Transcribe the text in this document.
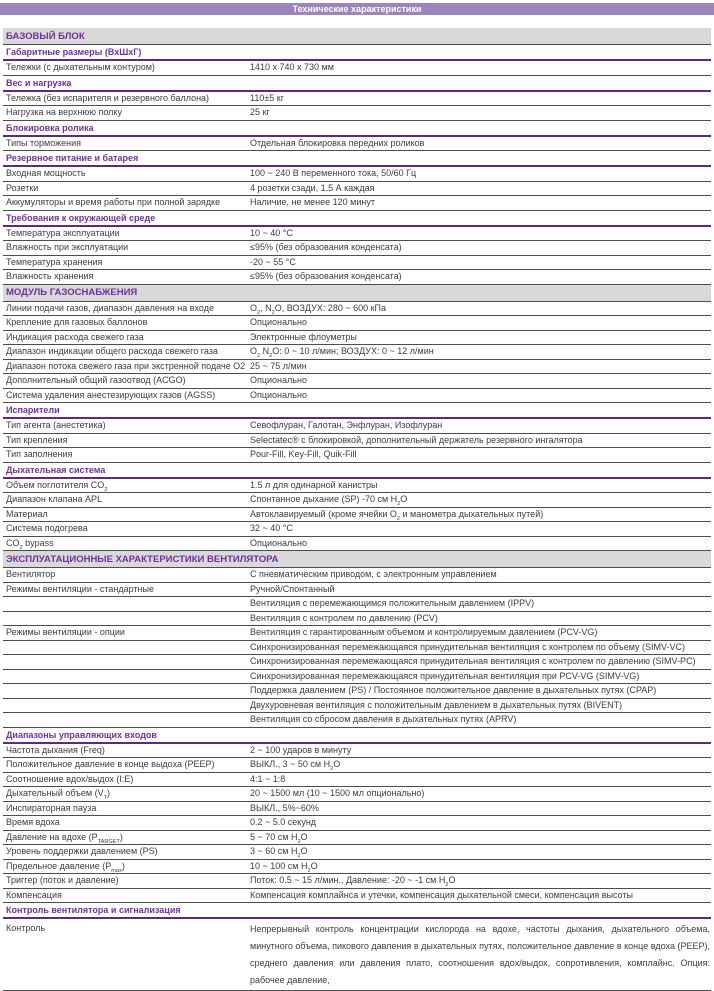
Технические характеристики
БАЗОВЫЙ БЛОК
Габаритные размеры (ВхШхГ)
Тележки (с дыхательным контуром)	1410 x 740 x 730 мм
Вес и нагрузка
Тележка (без испарителя и резервного баллона)	110±5 кг
Нагрузка на верхнюю полку	25 кг
Блокировка ролика
Типы торможения	Отдельная блокировка передних роликов
Резервное питание и батарея
Входная мощность	100 ~ 240 В переменного тока, 50/60 Гц
Розетки	4 розетки сзади, 1.5 А каждая
Аккумуляторы и время работы при полной зарядке	Наличие, не менее 120 минут
Требования к окружающей среде
Температура эксплуатации	10 ~ 40 °C
Влажность при эксплуатации	≤95% (без образования конденсата)
Температура хранения	-20 ~ 55 °C
Влажность хранения	≤95% (без образования конденсата)
МОДУЛЬ ГАЗОСНАБЖЕНИЯ
Линии подачи газов, диапазон давления на входе	$O_2$, $N_2O$, ВОЗДУХ: 280 ~ 600 кПа
Крепление для газовых баллонов	Опционально
Индикация расхода свежего газа	Электронные флоуметры
Диапазон индикации общего расхода свежего газа	$O_2$ $N_2O$: 0 ~ 10 л/мин; ВОЗДУХ: 0 ~ 12 л/мин
Диапазон потока свежего газа при экстренной подаче O2 25 ~ 75 л/мин
Дополнительный общий газоотвод (ACGO)	Опционально
Система удаления анестезирующих газов (AGSS)	Опционально
Испарители
Тип агента (анестетика)	Севофлуран, Галотан, Энфлуран, Изофлуран
Тип крепления	Selectatec® с блокировкой, дополнительный держатель резервного ингалятора
Тип заполнения	Pour-Fill, Key-Fill, Quik-Fill
Дыхательная система
Объем поглотителя $CO_2$	1.5 л для одинарной канистры
Диапазон клапана APL	Спонтанное дыхание (SP) -70 см $H_2O$
Материал	Автоклавируемый (кроме ячейки $O_2$ и манометра дыхательных путей)
Система подогрева	32 ~ 40 °C
$CO_2$ bypass	Опционально
ЭКСПЛУАТАЦИОННЫЕ ХАРАКТЕРИСТИКИ ВЕНТИЛЯТОРА
Вентилятор	С пневматическим приводом, с электронным управлением
Режимы вентиляции - стандартные	Ручной/Спонтанный
Вентиляция с перемежающимся положительным давлением (IPPV)
Вентиляция с контролем по давлению (PCV)
Режимы вентиляции - опции	Вентиляция с гарантированным объемом и контролируемым давлением (PCV-VG)
Синхронизированная перемежающаяся принудительная вентиляция с контролем по объему (SIMV-VC)
Синхронизированная перемежающаяся принудительная вентиляция с контролем по давлению (SIMV-PC)
Синхронизированная перемежающаяся принудительная вентиляция при PCV-VG (SIMV-VG)
Поддержка давлением (PS) / Постоянное положительное давление в дыхательных путях (CPAP)
Двухуровневая вентиляция с положительным давлением в дыхательных путях (BIVENT)
Вентиляция со сбросом давления в дыхательных путях (APRV)
Диапазоны управляющих входов
Частота дыхания (Freq)	2 ~ 100 ударов в минуту
Положительное давление в конце выдоха (PEEP)	ВЫКЛ., 3 ~ 50 см $H_2O$
Соотношение вдох/выдох (I:E)	4:1 ~ 1:8
Дыхательный объем $(V_T)$	20 ~ 1500 мл (10 ~ 1500 мл опционально)
Инспираторная пауза	ВЫКЛ., 5%~60%
Время вдоха	0.2 ~ 5.0 секунд
Давление на вдохе $(P_{TARGET})$	5 ~ 70 см $H_2O$
Уровень поддержки давлением (PS)	3 ~ 60 см $H_2O$
Предельное давление $(P_{max})$	10 ~ 100 см $H_2O$
Триггер (поток и давление)	Поток: 0.5 ~ 15 л/мин., Давление: -20 ~ -1 см $H_2O$
Компенсация	Компенсация комплайнса и утечки, компенсация дыхательной смеси, компенсация высоты
Контроль вентилятора и сигнализация
Контроль	Непрерывный контроль концентрации кислорода на вдохе, частоты дыхания, дыхательного объема, минутного объема, пикового давления в дыхательных путях, положительное давление в конце вдоха (PEEP), среднего давления или давления плато, соотношения вдох/выдох, сопротивления, комплайнс. Опция: рабочее давление,
